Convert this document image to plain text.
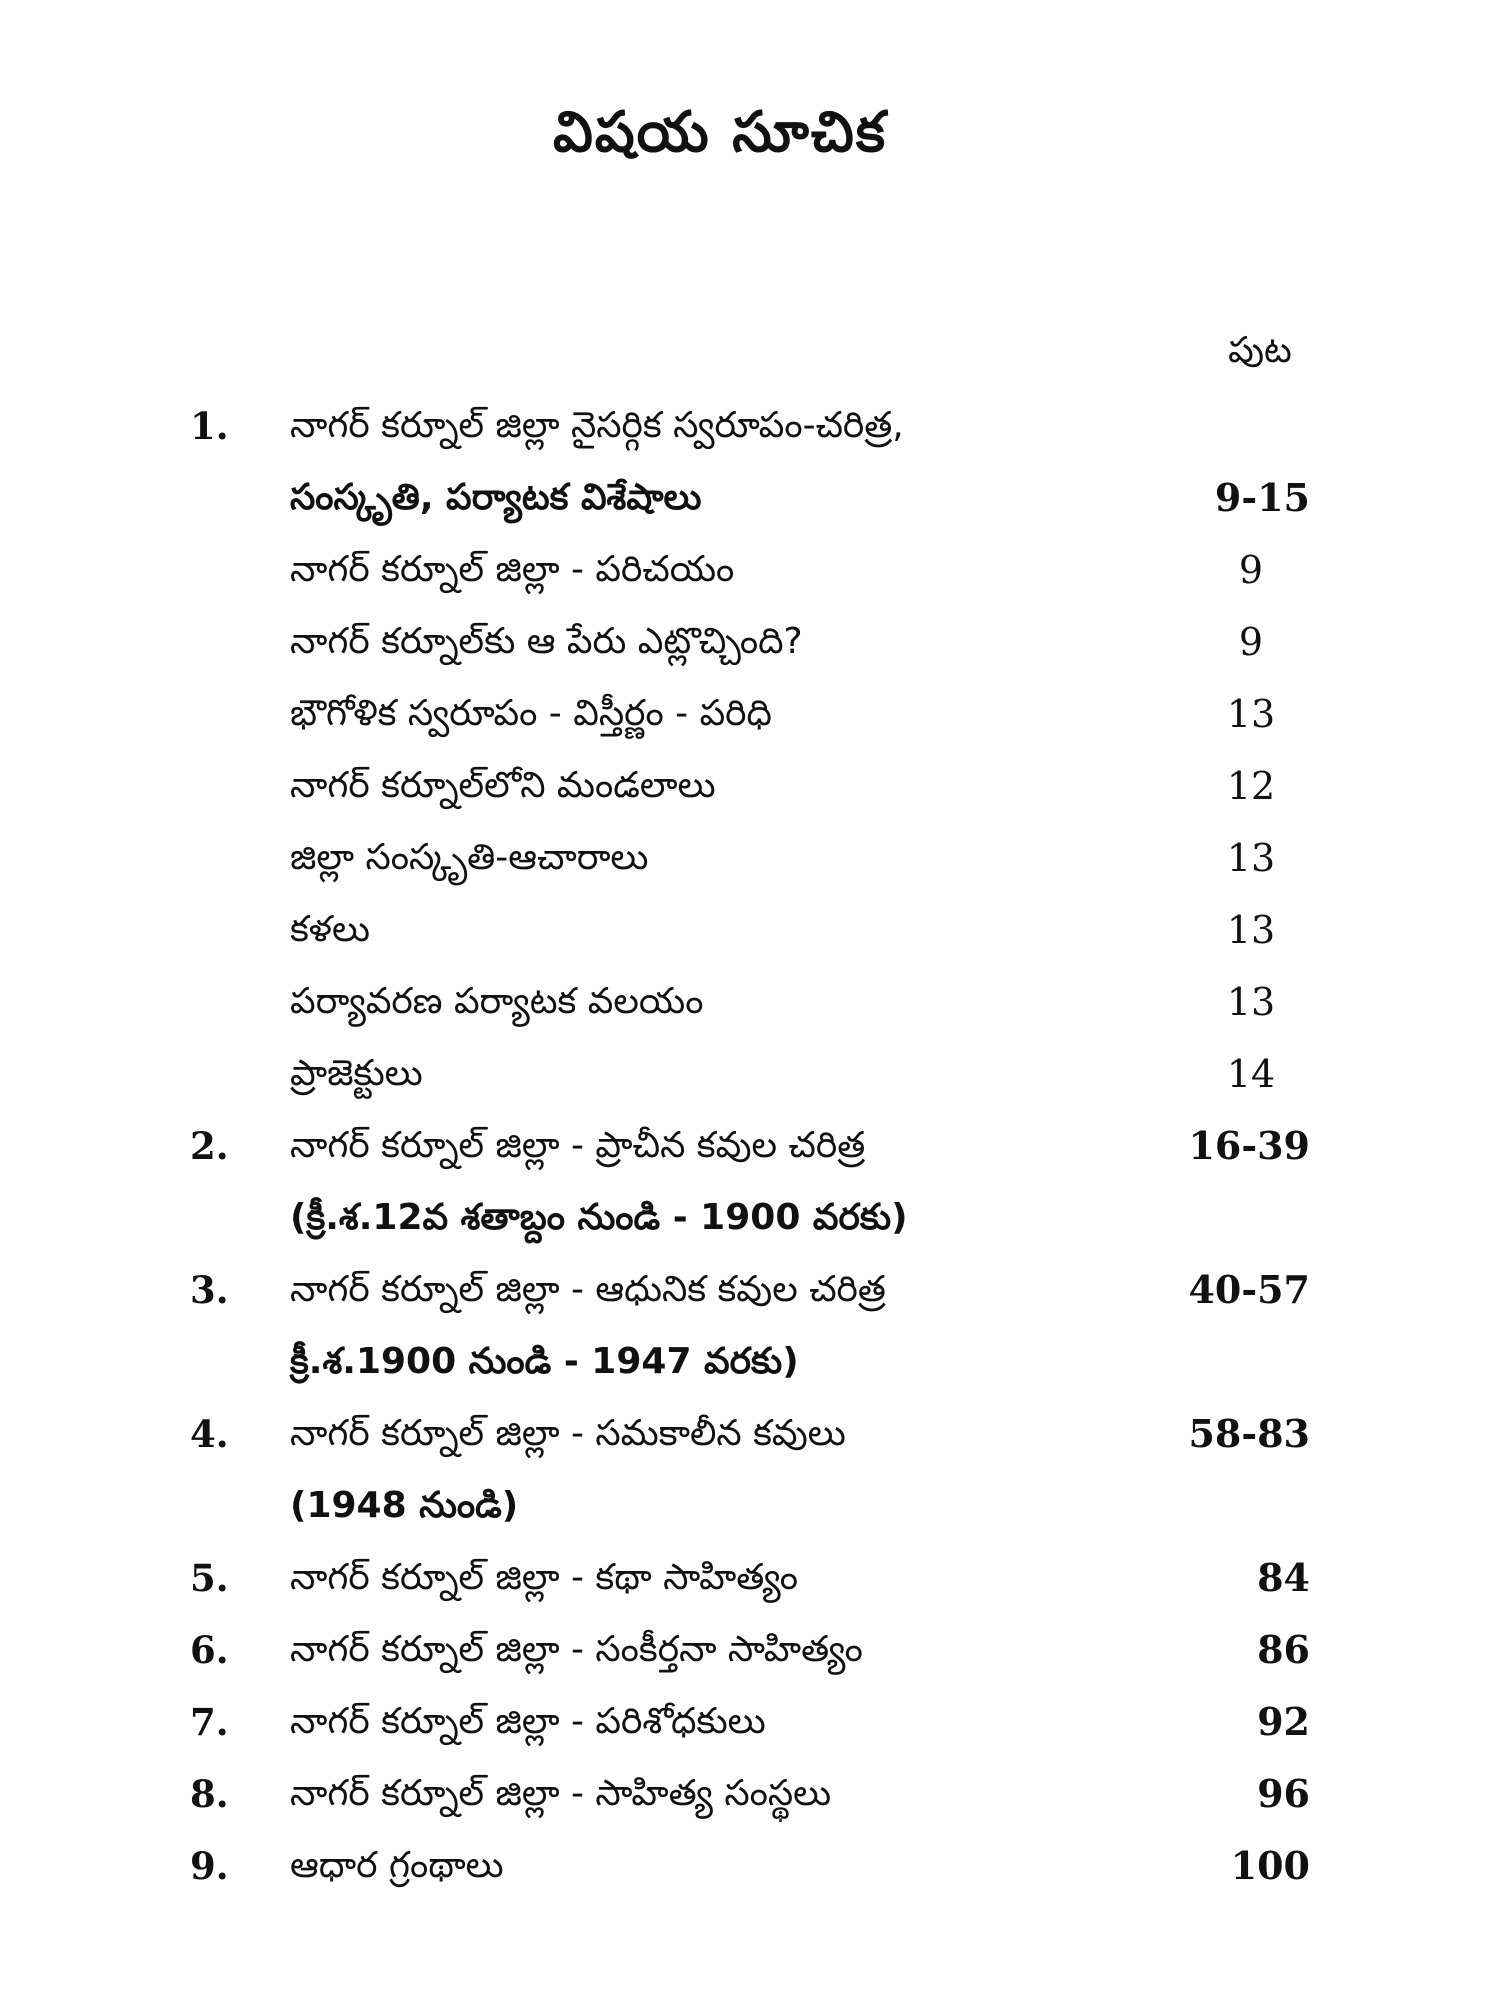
విషయ సూచిక
పుట
1.	నాగర్ కర్నూల్ జిల్లా నైసర్గిక స్వరూపం-చరిత్ర,
సంస్కృతి, పర్యాటక విశేషాలు	9-15
నాగర్ కర్నూల్ జిల్లా - పరిచయం	9
నాగర్ కర్నూల్‌కు ఆ పేరు ఎట్లొచ్చింది?	9
భౌగోళిక స్వరూపం - విస్తీర్ణం - పరిధి	13
నాగర్ కర్నూల్‌లోని మండలాలు	12
జిల్లా సంస్కృతి-ఆచారాలు	13
కళలు	13
పర్యావరణ పర్యాటక వలయం	13
ప్రాజెక్టులు	14
2.	నాగర్ కర్నూల్ జిల్లా - ప్రాచీన కవుల చరిత్ర	16-39
(క్రీ.శ.12వ శతాబ్దం నుండి - 1900 వరకు)
3.	నాగర్ కర్నూల్ జిల్లా - ఆధునిక కవుల చరిత్ర	40-57
క్రీ.శ.1900 నుండి - 1947 వరకు)
4.	నాగర్ కర్నూల్ జిల్లా - సమకాలీన కవులు	58-83
(1948 నుండి)
5.	నాగర్ కర్నూల్ జిల్లా - కథా సాహిత్యం	84
6.	నాగర్ కర్నూల్ జిల్లా - సంకీర్తనా సాహిత్యం	86
7.	నాగర్ కర్నూల్ జిల్లా - పరిశోధకులు	92
8.	నాగర్ కర్నూల్ జిల్లా - సాహిత్య సంస్థలు	96
9.	ఆధార గ్రంథాలు	100
